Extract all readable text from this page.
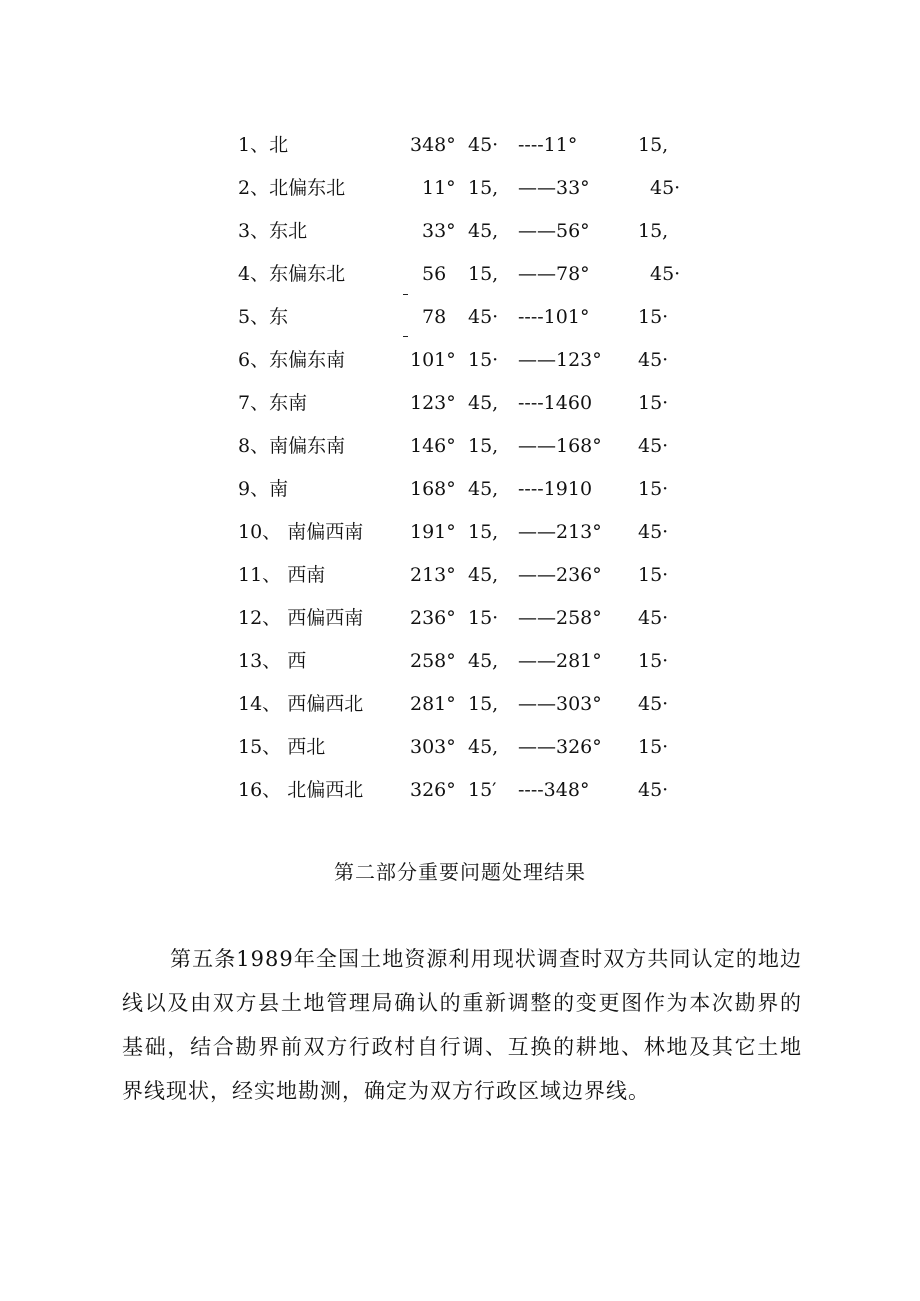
1、北	348° 45· ----11°	15,
2、北偏东北	11° 15, ——33°	45·
3、东北	33° 45, ——56°	15,
4、东偏东北	56 15, ——78°	45·
5、东	78 45· ----101°	15·
6、东偏东南	101° 15· ——123° 45·
7、东南	123° 45, ----1460 15·
8、南偏东南	146° 15, ——168° 45·
9、南	168° 45, ----1910 15·
10、 南偏西南 191° 15, ——213° 45·
11、 西南	213° 45, ——236° 15·
12、 西偏西南 236° 15· ——258° 45·
13、 西	258° 45, ——281° 15·
14、 西偏西北 281° 15, ——303° 45·
15、 西北	303° 45, ——326° 15·
16、 北偏西北 326° 15′ ----348°	45·
第二部分重要问题处理结果
第五条1989年全国土地资源利用现状调查时双方共同认定的地边线以及由双方县土地管理局确认的重新调整的变更图作为本次勘界的基础，结合勘界前双方行政村自行调、互换的耕地、林地及其它土地界线现状，经实地勘测，确定为双方行政区域边界线。
